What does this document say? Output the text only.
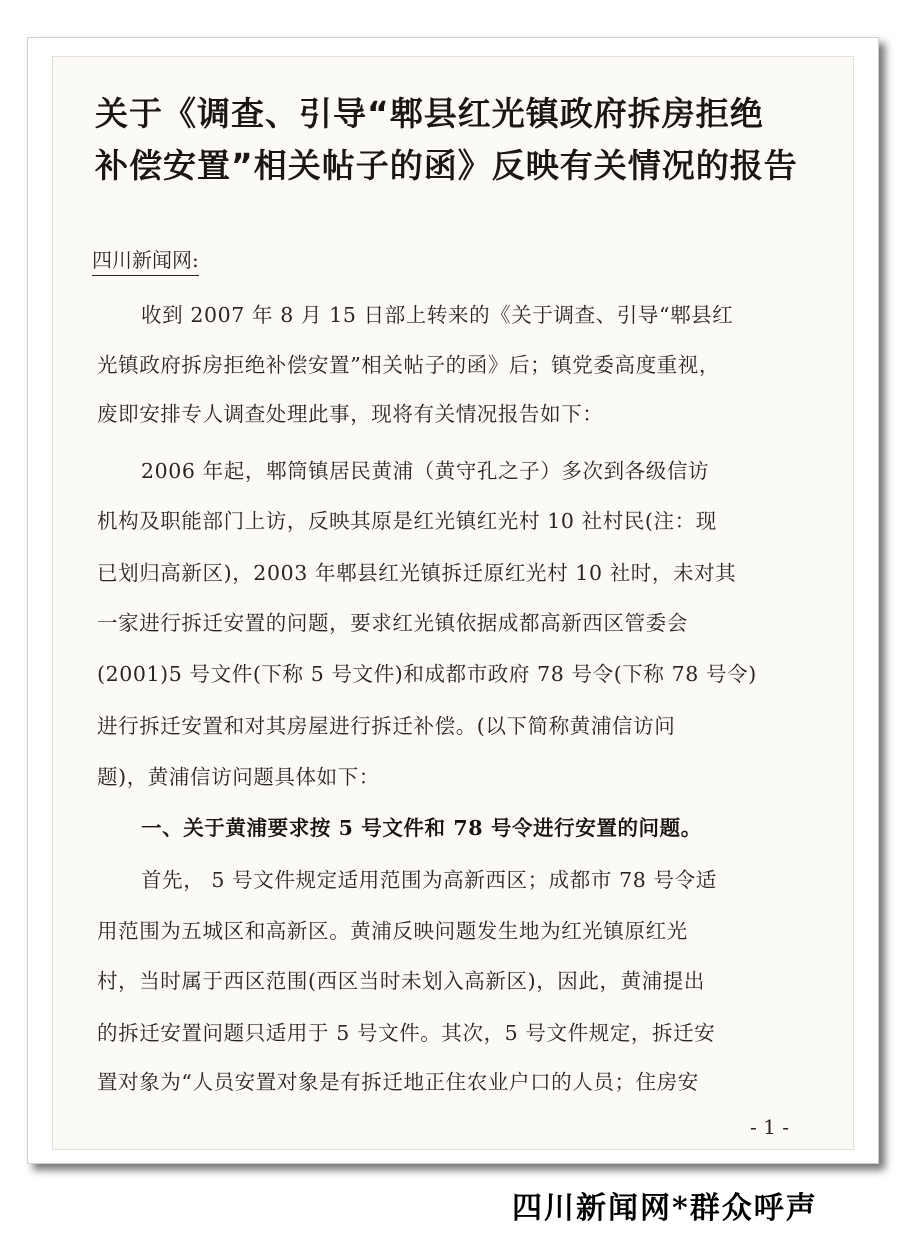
关于《调查、引导“郫县红光镇政府拆房拒绝
补偿安置”相关帖子的函》反映有关情况的报告
四川新闻网:
收到 2007 年 8 月 15 日部上转来的《关于调查、引导“郫县红
光镇政府拆房拒绝补偿安置”相关帖子的函》后；镇党委高度重视，
废即安排专人调查处理此事，现将有关情况报告如下：
2006 年起，郫筒镇居民黄浦（黄守孔之子）多次到各级信访
机构及职能部门上访，反映其原是红光镇红光村 10 社村民(注：现
已划归高新区)，2003 年郫县红光镇拆迁原红光村 10 社时，未对其
一家进行拆迁安置的问题，要求红光镇依据成都高新西区管委会
(2001)5 号文件(下称 5 号文件)和成都市政府 78 号令(下称 78 号令)
进行拆迁安置和对其房屋进行拆迁补偿。(以下简称黄浦信访问
题)，黄浦信访问题具体如下：
一、关于黄浦要求按 5 号文件和 78 号令进行安置的问题。
首先， 5 号文件规定适用范围为高新西区；成都市 78 号令适
用范围为五城区和高新区。黄浦反映问题发生地为红光镇原红光
村，当时属于西区范围(西区当时未划入高新区)，因此，黄浦提出
的拆迁安置问题只适用于 5 号文件。其次，5 号文件规定，拆迁安
置对象为“人员安置对象是有拆迁地正住农业户口的人员；住房安
- 1 -
四川新闻网*群众呼声
